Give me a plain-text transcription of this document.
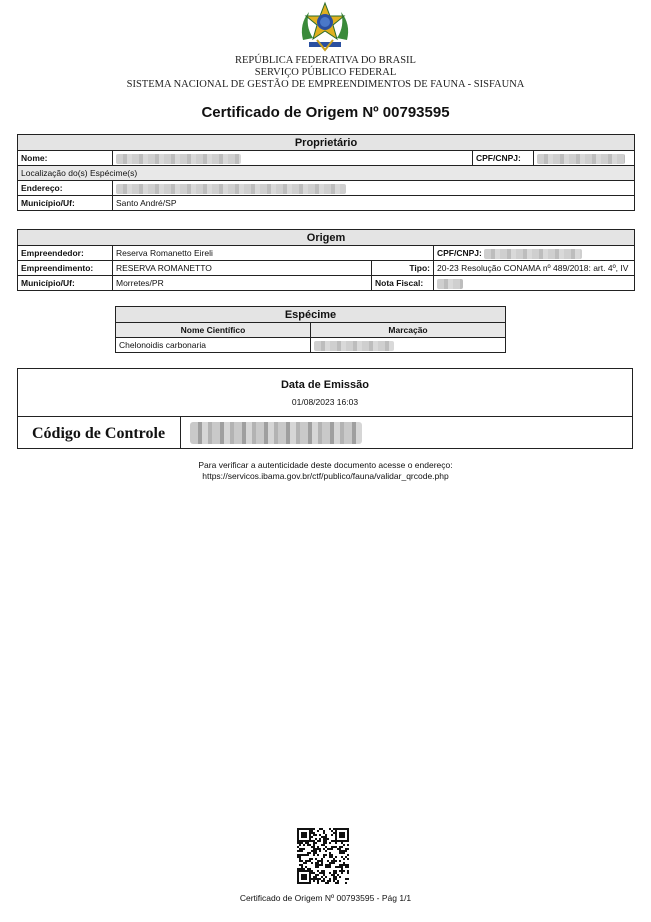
REPÚBLICA FEDERATIVA DO BRASIL
SERVIÇO PÚBLICO FEDERAL
SISTEMA NACIONAL DE GESTÃO DE EMPREENDIMENTOS DE FAUNA - SISFAUNA
Certificado de Origem Nº 00793595
Proprietário			
Nome:		CPF/CNPJ:	
Localização do(s) Espécime(s)			
Endereço:			
Município/Uf:	Santo André/SP		
Origem			
Empreendedor:	Reserva Romanetto Eireli		CPF/CNPJ:
Empreendimento:	RESERVA ROMANETTO	Tipo:	20-23 Resolução CONAMA nº 489/2018: art. 4º, IV
Município/Uf:	Morretes/PR	Nota Fiscal:	
Espécime	
Nome Científico	Marcação
Chelonoidis carbonaria	
Data de Emissão
01/08/2023 16:03
Código de Controle
Para verificar a autenticidade deste documento acesse o endereço:
https://servicos.ibama.gov.br/ctf/publico/fauna/validar_qrcode.php
Certificado de Origem Nº 00793595 - Pág 1/1
